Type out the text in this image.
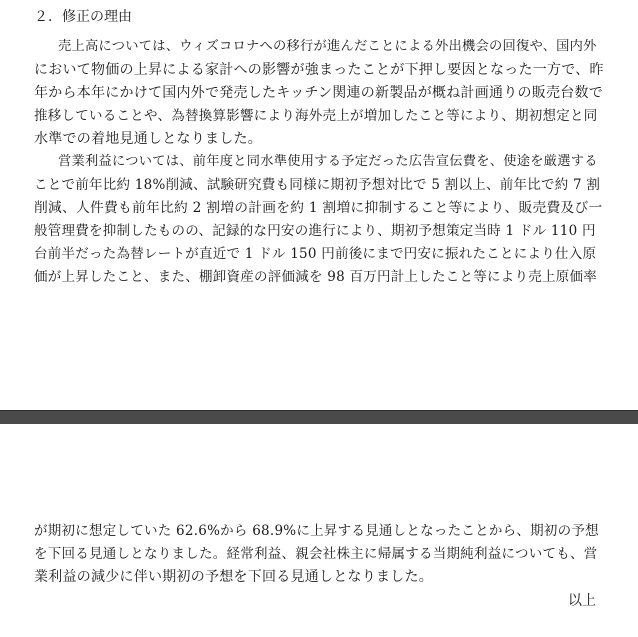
２．修正の理由
売上高については、ウィズコロナへの移行が進んだことによる外出機会の回復や、国内外
において物価の上昇による家計への影響が強まったことが下押し要因となった一方で、昨
年から本年にかけて国内外で発売したキッチン関連の新製品が概ね計画通りの販売台数で
推移していることや、為替換算影響により海外売上が増加したこと等により、期初想定と同
水準での着地見通しとなりました。
営業利益については、前年度と同水準使用する予定だった広告宣伝費を、使途を厳選する
ことで前年比約 18%削減、試験研究費も同様に期初予想対比で 5 割以上、前年比で約 7 割
削減、人件費も前年比約 2 割増の計画を約 1 割増に抑制すること等により、販売費及び一
般管理費を抑制したものの、記録的な円安の進行により、期初予想策定当時 1 ドル 110 円
台前半だった為替レートが直近で 1 ドル 150 円前後にまで円安に振れたことにより仕入原
価が上昇したこと、また、棚卸資産の評価減を 98 百万円計上したこと等により売上原価率
が期初に想定していた 62.6%から 68.9%に上昇する見通しとなったことから、期初の予想
を下回る見通しとなりました。経常利益、親会社株主に帰属する当期純利益についても、営
業利益の減少に伴い期初の予想を下回る見通しとなりました。
以上
